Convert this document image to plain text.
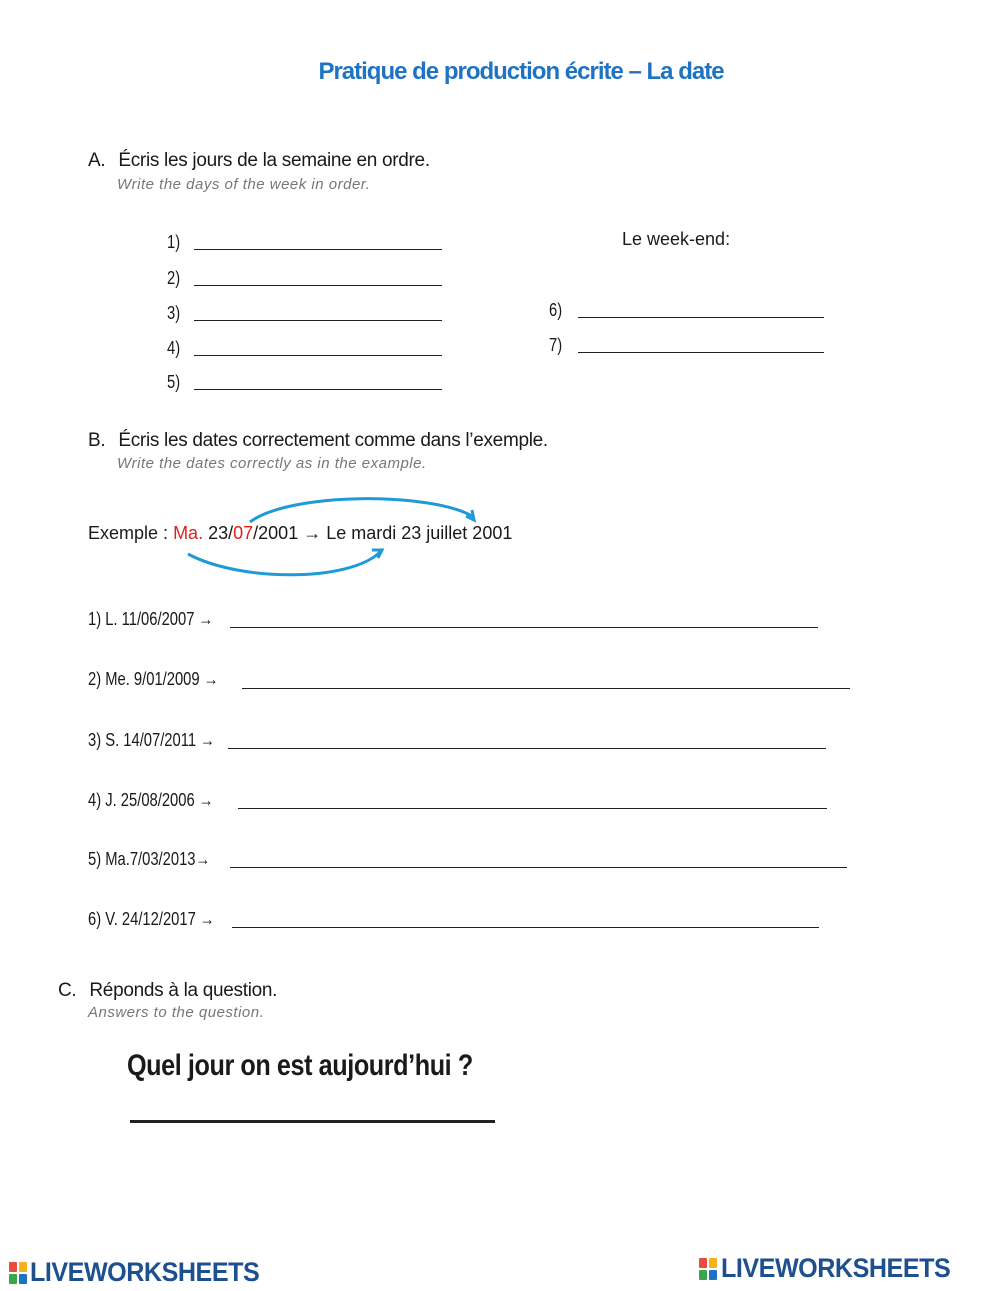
Pratique de production écrite – La date
A. Écris les jours de la semaine en ordre.
Write the days of the week in order.
1)
2)
3)
4)
5)
Le week-end:
6)
7)
B. Écris les dates correctement comme dans l’exemple.
Write the dates correctly as in the example.
Exemple : Ma. 23/07/2001 → Le mardi 23 juillet 2001
1) L. 11/06/2007 →
2) Me. 9/01/2009 →
3) S. 14/07/2011 →
4) J. 25/08/2006 →
5) Ma.7/03/2013→
6) V. 24/12/2017 →
C. Réponds à la question.
Answers to the question.
Quel jour on est aujourd’hui ?
LIVEWORKSHEETS	LIVEWORKSHEETS
